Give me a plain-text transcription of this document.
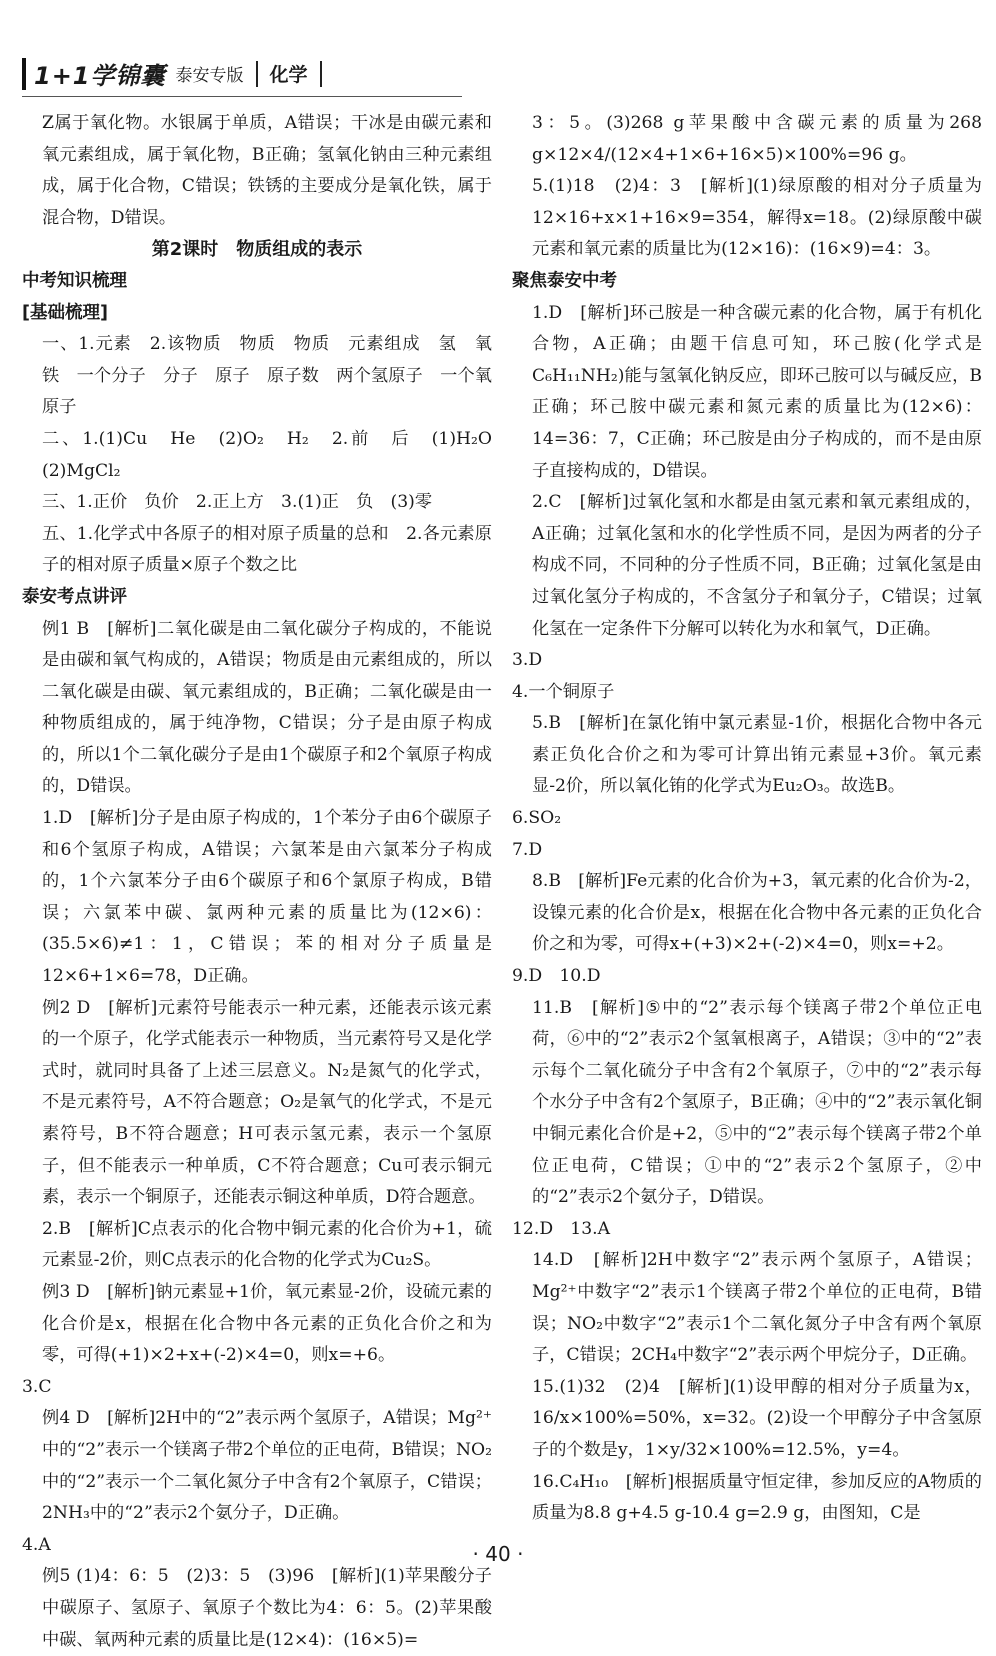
1+1学锦囊 泰安专版 化学
Z属于氧化物。水银属于单质，A错误；干冰是由碳元素和氧元素组成，属于氧化物，B正确；氢氧化钠由三种元素组成，属于化合物，C错误；铁锈的主要成分是氧化铁，属于混合物，D错误。
第2课时　物质组成的表示
中考知识梳理
[基础梳理]
一、1.元素　2.该物质　物质　物质　元素组成　氢　氧　铁　一个分子　分子　原子　原子数　两个氢原子　一个氧原子
二、1.(1)Cu　He　(2)O₂　H₂　2.前　后　(1)H₂O　(2)MgCl₂
三、1.正价　负价　2.正上方　3.(1)正　负　(3)零
五、1.化学式中各原子的相对原子质量的总和　2.各元素原子的相对原子质量×原子个数之比
泰安考点讲评
例1 B　[解析]二氧化碳是由二氧化碳分子构成的，不能说是由碳和氧气构成的，A错误；物质是由元素组成的，所以二氧化碳是由碳、氧元素组成的，B正确；二氧化碳是由一种物质组成的，属于纯净物，C错误；分子是由原子构成的，所以1个二氧化碳分子是由1个碳原子和2个氧原子构成的，D错误。
1.D　[解析]分子是由原子构成的，1个苯分子由6个碳原子和6个氢原子构成，A错误；六氯苯是由六氯苯分子构成的，1个六氯苯分子由6个碳原子和6个氯原子构成，B错误；六氯苯中碳、氯两种元素的质量比为(12×6)：(35.5×6)≠1：1，C错误；苯的相对分子质量是12×6+1×6=78，D正确。
例2 D　[解析]元素符号能表示一种元素，还能表示该元素的一个原子，化学式能表示一种物质，当元素符号又是化学式时，就同时具备了上述三层意义。N₂是氮气的化学式，不是元素符号，A不符合题意；O₂是氧气的化学式，不是元素符号，B不符合题意；H可表示氢元素，表示一个氢原子，但不能表示一种单质，C不符合题意；Cu可表示铜元素，表示一个铜原子，还能表示铜这种单质，D符合题意。
2.B　[解析]C点表示的化合物中铜元素的化合价为+1，硫元素显-2价，则C点表示的化合物的化学式为Cu₂S。
例3 D　[解析]钠元素显+1价，氧元素显-2价，设硫元素的化合价是x，根据在化合物中各元素的正负化合价之和为零，可得(+1)×2+x+(-2)×4=0，则x=+6。
3.C
例4 D　[解析]2H中的“2”表示两个氢原子，A错误；Mg²⁺中的“2”表示一个镁离子带2个单位的正电荷，B错误；NO₂中的“2”表示一个二氧化氮分子中含有2个氧原子，C错误；2NH₃中的“2”表示2个氨分子，D正确。
4.A
例5 (1)4：6：5　(2)3：5　(3)96　[解析](1)苹果酸分子中碳原子、氢原子、氧原子个数比为4：6：5。(2)苹果酸中碳、氧两种元素的质量比是(12×4)：(16×5)=
3：5。(3)268 g苹果酸中含碳元素的质量为268 g×12×4/(12×4+1×6+16×5)×100%=96 g。
5.(1)18　(2)4：3　[解析](1)绿原酸的相对分子质量为12×16+x×1+16×9=354，解得x=18。(2)绿原酸中碳元素和氧元素的质量比为(12×16)：(16×9)=4：3。
聚焦泰安中考
1.D　[解析]环己胺是一种含碳元素的化合物，属于有机化合物，A正确；由题干信息可知，环己胺(化学式是C₆H₁₁NH₂)能与氢氧化钠反应，即环己胺可以与碱反应，B正确；环己胺中碳元素和氮元素的质量比为(12×6)：14=36：7，C正确；环己胺是由分子构成的，而不是由原子直接构成的，D错误。
2.C　[解析]过氧化氢和水都是由氢元素和氧元素组成的，A正确；过氧化氢和水的化学性质不同，是因为两者的分子构成不同，不同种的分子性质不同，B正确；过氧化氢是由过氧化氢分子构成的，不含氢分子和氧分子，C错误；过氧化氢在一定条件下分解可以转化为水和氧气，D正确。
3.D
4.一个铜原子
5.B　[解析]在氯化铕中氯元素显-1价，根据化合物中各元素正负化合价之和为零可计算出铕元素显+3价。氧元素显-2价，所以氧化铕的化学式为Eu₂O₃。故选B。
6.SO₂
7.D
8.B　[解析]Fe元素的化合价为+3，氧元素的化合价为-2，设镍元素的化合价是x，根据在化合物中各元素的正负化合价之和为零，可得x+(+3)×2+(-2)×4=0，则x=+2。
9.D　10.D
11.B　[解析]⑤中的“2”表示每个镁离子带2个单位正电荷，⑥中的“2”表示2个氢氧根离子，A错误；③中的“2”表示每个二氧化硫分子中含有2个氧原子，⑦中的“2”表示每个水分子中含有2个氢原子，B正确；④中的“2”表示氧化铜中铜元素化合价是+2，⑤中的“2”表示每个镁离子带2个单位正电荷，C错误；①中的“2”表示2个氢原子，②中的“2”表示2个氨分子，D错误。
12.D　13.A
14.D　[解析]2H中数字“2”表示两个氢原子，A错误；Mg²⁺中数字“2”表示1个镁离子带2个单位的正电荷，B错误；NO₂中数字“2”表示1个二氧化氮分子中含有两个氧原子，C错误；2CH₄中数字“2”表示两个甲烷分子，D正确。
15.(1)32　(2)4　[解析](1)设甲醇的相对分子质量为x，16/x×100%=50%，x=32。(2)设一个甲醇分子中含氢原子的个数是y，1×y/32×100%=12.5%，y=4。
16.C₄H₁₀　[解析]根据质量守恒定律，参加反应的A物质的质量为8.8 g+4.5 g-10.4 g=2.9 g，由图知，C是
· 40 ·
